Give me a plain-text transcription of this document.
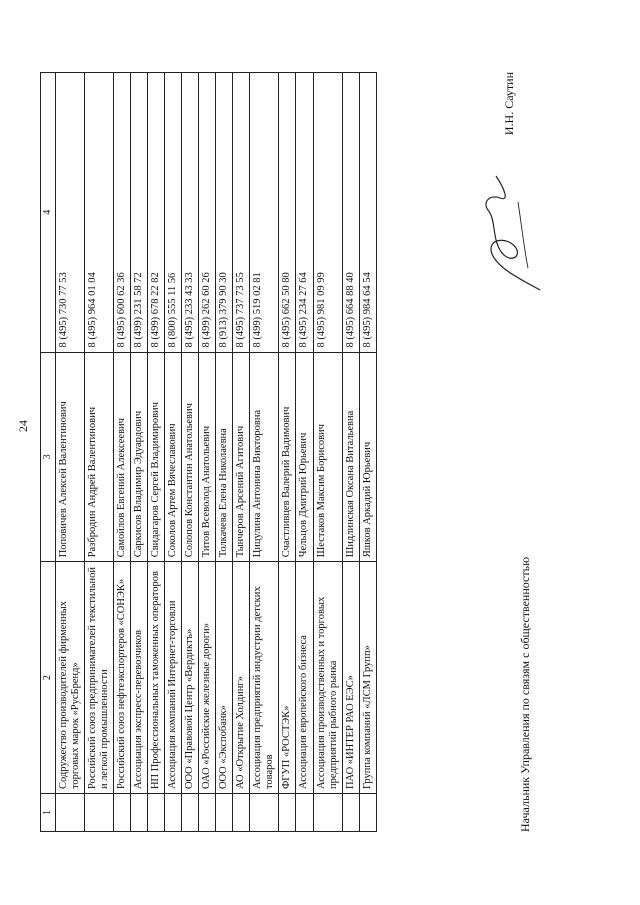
24
1	2	3	4
	Содружество производителей фирменных торговых марок «РусБренд»	Поповичев Алексей Валентинович	8 (495) 730 77 53
	Российский союз предпринимателей текстильной и легкой промышленности	Разбродин Андрей Валентинович	8 (495) 964 01 04
	Российский союз нефтеэкспортеров «СОНЭК»	Самойлов Евгений Алексеевич	8 (495) 600 62 36
	Ассоциация экспресс-перевозчиков	Саркисов Владимир Эдуардович	8 (499) 231 58 72
	НП Профессиональных таможенных операторов	Свидагаров Сергей Владимирович	8 (499) 678 22 82
	Ассоциация компаний Интернет-торговли	Соколов Артем Вячеславович	8 (800) 555 11 56
	ООО «Правовой Центр «Вердиктъ»	Солопов Константин Анатольевич	8 (495) 233 43 33
	ОАО «Российские железные дороги»	Титов Всеволод Анатольевич	8 (499) 262 60 26
	ООО «Экспобанк»	Толкачева Елена Николаевна	8 (913) 379 90 30
	АО «Открытие Холдинг»	Тынчеров Арсений Агитович	8 (495) 737 73 55
	Ассоциация предприятий индустрии детских товаров	Цицулина Антонина Викторовна	8 (499) 519 02 81
	ФГУП «РОСТЭК»	Счастливцев Валерий Вадимович	8 (495) 662 50 80
	Ассоциация европейского бизнеса	Чельцов Дмитрий Юрьевич	8 (495) 234 27 64
	Ассоциация производственных и торговых предприятий рыбного рынка	Шестаков Максим Борисович	8 (495) 981 09 99
	ПАО «ИНТЕР РАО ЕЭС»	Шидлинская Оксана Витальевна	8 (495) 664 88 40
	Группа компаний «ЛСМ Групп»	Яшков Аркадий Юрьевич	8 (495) 984 64 54
Начальник Управления по связям с общественностью
И.Н. Саутин
